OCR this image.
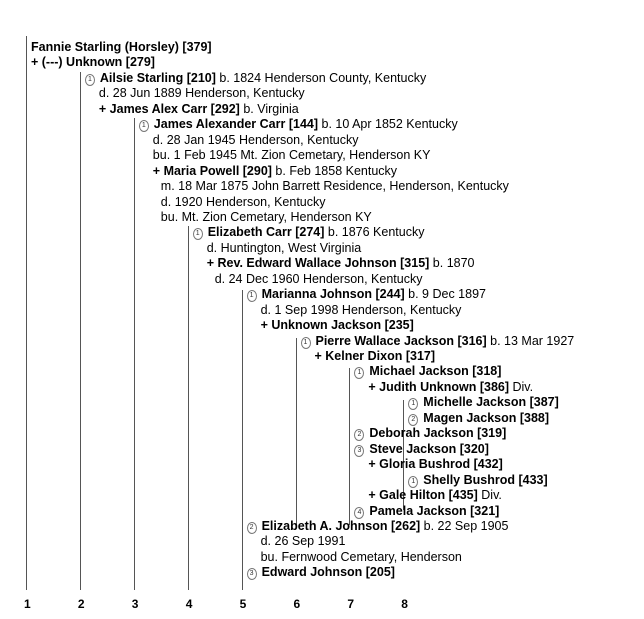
Fannie Starling (Horsley) [379]
+ (---) Unknown [279]
1 Ailsie Starling [210] b. 1824 Henderson County, Kentucky
d. 28 Jun 1889 Henderson, Kentucky
+ James Alex Carr [292] b. Virginia
1 James Alexander Carr [144] b. 10 Apr 1852 Kentucky
d. 28 Jan 1945 Henderson, Kentucky
bu. 1 Feb 1945 Mt. Zion Cemetary, Henderson KY
+ Maria Powell [290] b. Feb 1858 Kentucky
m. 18 Mar 1875 John Barrett Residence, Henderson, Kentucky
d. 1920 Henderson, Kentucky
bu. Mt. Zion Cemetary, Henderson KY
1 Elizabeth Carr [274] b. 1876 Kentucky
d. Huntington, West Virginia
+ Rev. Edward Wallace Johnson [315] b. 1870
d. 24 Dec 1960 Henderson, Kentucky
1 Marianna Johnson [244] b. 9 Dec 1897
d. 1 Sep 1998 Henderson, Kentucky
+ Unknown Jackson [235]
1 Pierre Wallace Jackson [316] b. 13 Mar 1927
+ Kelner Dixon [317]
1 Michael Jackson [318]
+ Judith Unknown [386] Div.
1 Michelle Jackson [387]
2 Magen Jackson [388]
2 Deborah Jackson [319]
3 Steve Jackson [320]
+ Gloria Bushrod [432]
1 Shelly Bushrod [433]
+ Gale Hilton [435] Div.
4 Pamela Jackson [321]
2 Elizabeth A. Johnson [262] b. 22 Sep 1905
d. 26 Sep 1991
bu. Fernwood Cemetary, Henderson
3 Edward Johnson [205]
1	2	3	4	5	6	7	8
